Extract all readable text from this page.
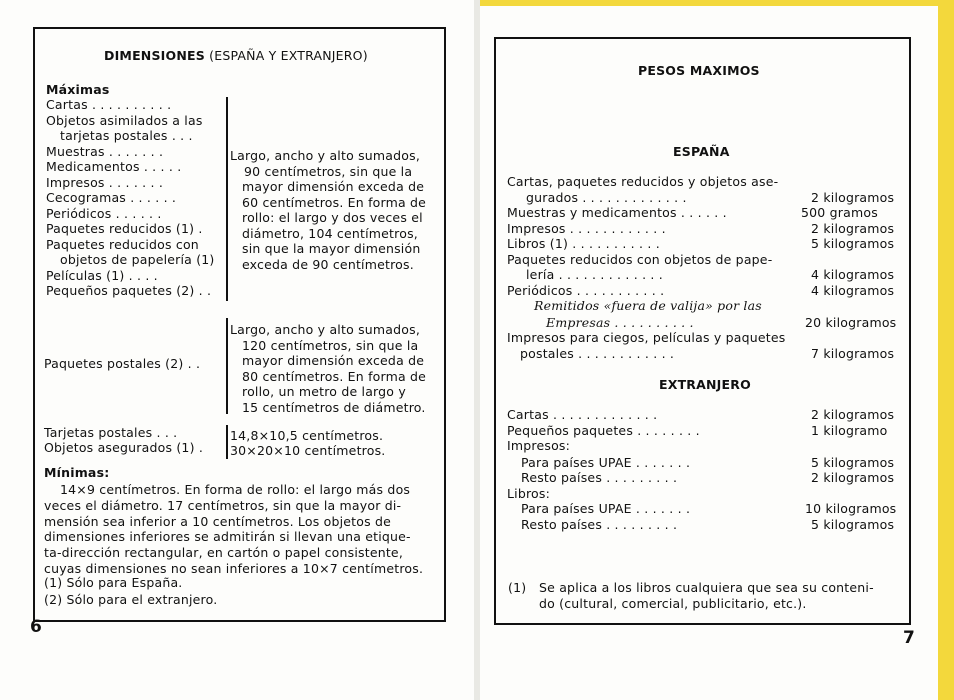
DIMENSIONES (ESPAÑA Y EXTRANJERO)
Máximas
Cartas . . . . . . . . . .
Objetos asimilados a las
tarjetas postales . . .
Muestras . . . . . . .
Medicamentos . . . . .
Impresos . . . . . . .
Cecogramas . . . . . .
Periódicos . . . . . .
Paquetes reducidos (1) .
Paquetes reducidos con
objetos de papelería (1)
Películas (1) . . . .
Pequeños paquetes (2) . .
Largo, ancho y alto sumados,
90 centímetros, sin que la
mayor dimensión exceda de
60 centímetros. En forma de
rollo: el largo y dos veces el
diámetro, 104 centímetros,
sin que la mayor dimensión
exceda de 90 centímetros.
Paquetes postales (2) . .
Largo, ancho y alto sumados,
120 centímetros, sin que la
mayor dimensión exceda de
80 centímetros. En forma de
rollo, un metro de largo y
15 centímetros de diámetro.
Tarjetas postales . . .	14,8×10,5 centímetros.
Objetos asegurados (1) . 30×20×10 centímetros.
Mínimas:
14×9 centímetros. En forma de rollo: el largo más dos
veces el diámetro. 17 centímetros, sin que la mayor di-
mensión sea inferior a 10 centímetros. Los objetos de
dimensiones inferiores se admitirán si llevan una etique-
ta-dirección rectangular, en cartón o papel consistente,
cuyas dimensiones no sean inferiores a 10×7 centímetros.
(1) Sólo para España.
(2) Sólo para el extranjero.
6
PESOS MAXIMOS
ESPAÑA
Cartas, paquetes reducidos y objetos ase-
gurados . . . . . . . . . . . . .	2 kilogramos
Muestras y medicamentos . . . . . .	500 gramos
Impresos . . . . . . . . . . . .	2 kilogramos
Libros (1) . . . . . . . . . . .	5 kilogramos
Paquetes reducidos con objetos de pape-
lería . . . . . . . . . . . . .	4 kilogramos
Periódicos . . . . . . . . . . .	4 kilogramos
Remitidos «fuera de valija» por las
Empresas . . . . . . . . . .	20 kilogramos
Impresos para ciegos, películas y paquetes
postales . . . . . . . . . . . .	7 kilogramos
EXTRANJERO
Cartas . . . . . . . . . . . . .	2 kilogramos
Pequeños paquetes . . . . . . . .	1 kilogramo
Impresos:
Para países UPAE . . . . . . .	5 kilogramos
Resto países . . . . . . . . .	2 kilogramos
Libros:
Para países UPAE . . . . . . .	10 kilogramos
Resto países . . . . . . . . .	5 kilogramos
(1) Se aplica a los libros cualquiera que sea su conteni-
do (cultural, comercial, publicitario, etc.).
7
